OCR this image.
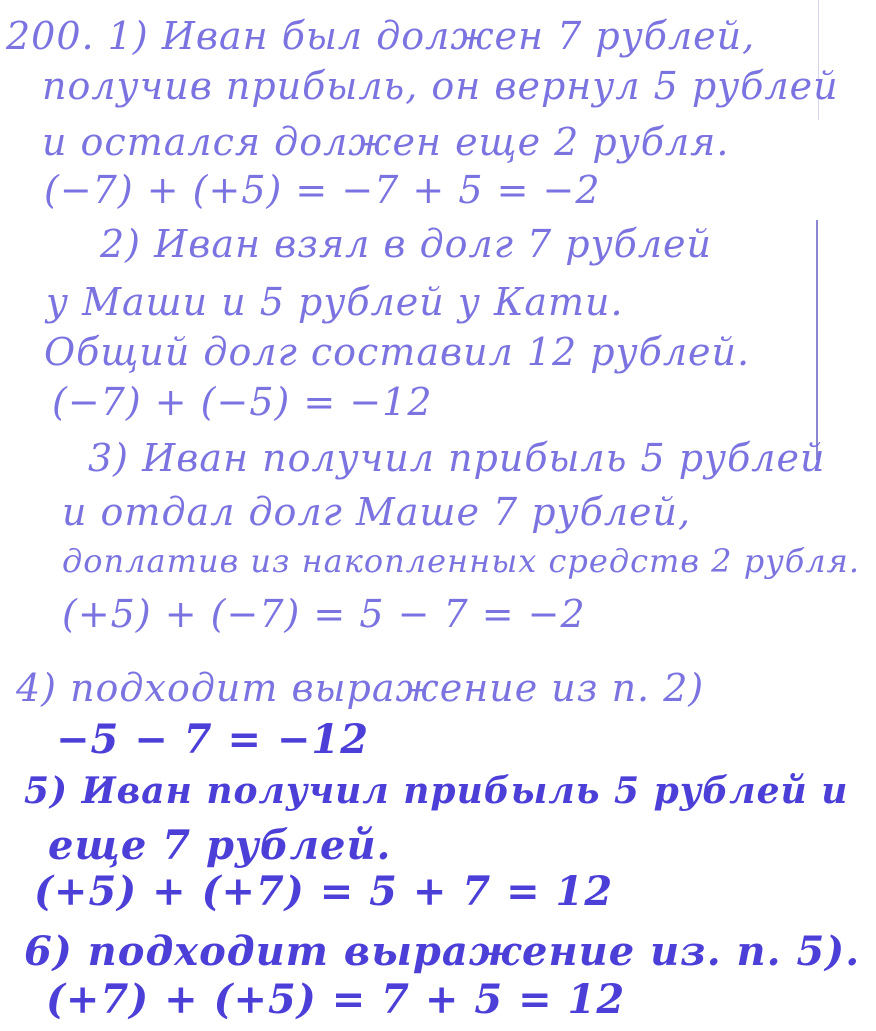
200. 1) Иван был должен 7 рублей,
получив прибыль, он вернул 5 рублей
и остался должен еще 2 рубля.
(−7) + (+5) = −7 + 5 = −2
2) Иван взял в долг 7 рублей
у Маши и 5 рублей у Кати.
Общий долг составил 12 рублей.
(−7) + (−5) = −12
3) Иван получил прибыль 5 рублей
и отдал долг Маше 7 рублей,
доплатив из накопленных средств 2 рубля.
(+5) + (−7) = 5 − 7 = −2
4) подходит выражение из п. 2)
−5 − 7 = −12
5) Иван получил прибыль 5 рублей и
еще 7 рублей.
(+5) + (+7) = 5 + 7 = 12
6) подходит выражение из. п. 5).
(+7) + (+5) = 7 + 5 = 12
